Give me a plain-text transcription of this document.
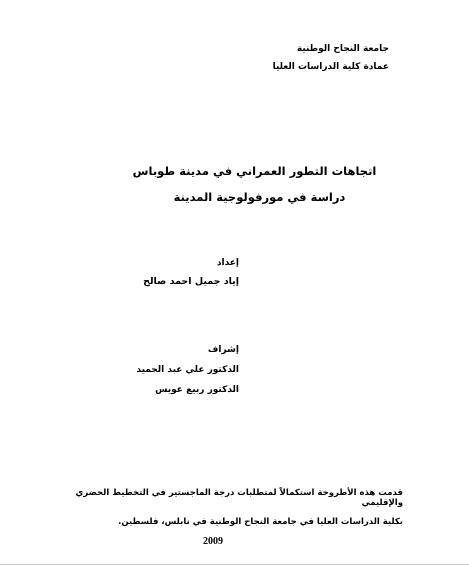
جامعة النجاح الوطنية
عمادة كلية الدراسات العليا
اتجاهات التطور العمراني في مدينة طوباس
دراسة في مورفولوجية المدينة
إعداد
إياد جميل احمد صالح
إشراف
الدكتور علي عبد الحميد
الدكتور ربيع عويس
قدمت هذه الأطروحة استكمالاً لمتطلبات درجة الماجستير في التخطيط الحضري والإقليمي
بكلية الدراسات العليا في جامعة النجاح الوطنية في نابلس، فلسطين.
2009
